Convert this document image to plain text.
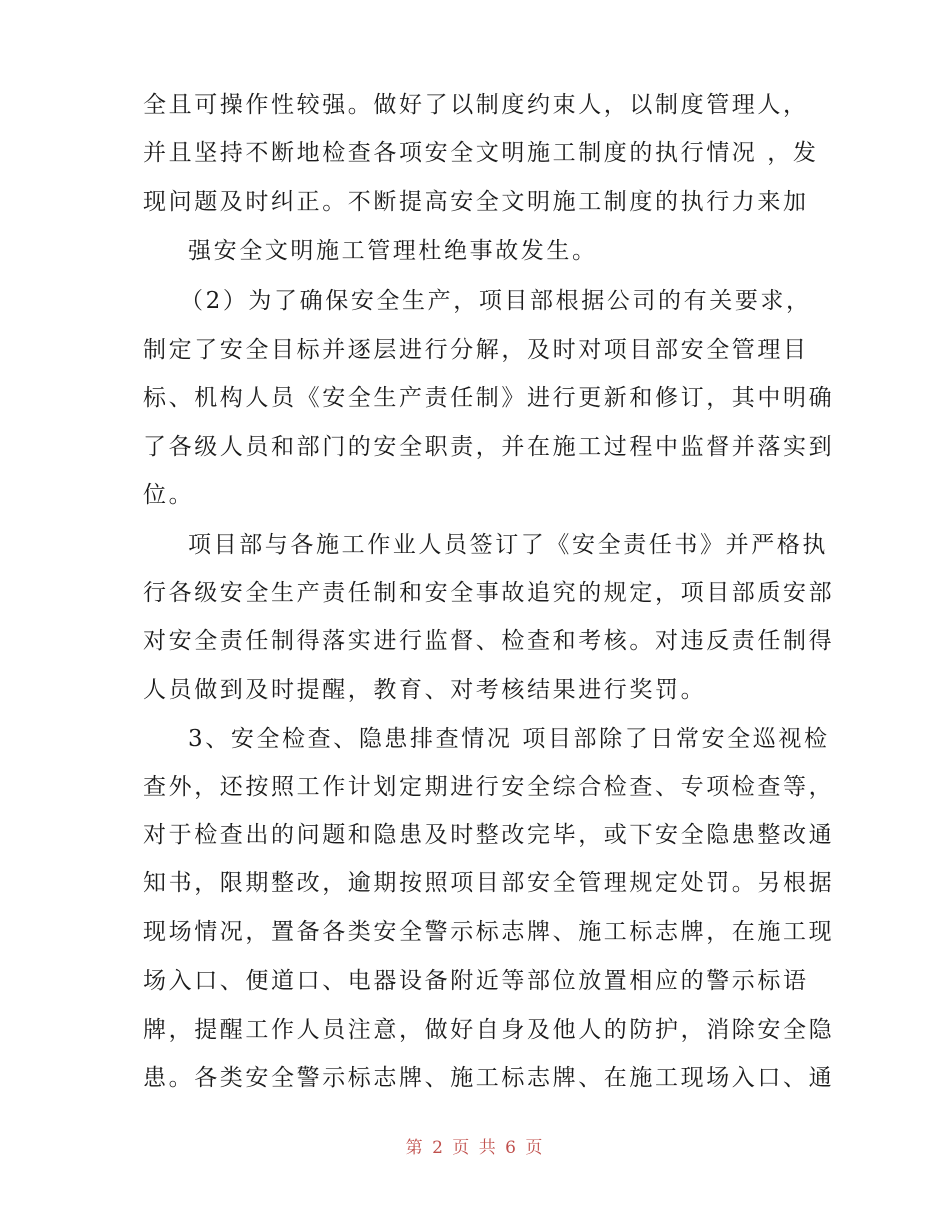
全且可操作性较强。做好了以制度约束人，以制度管理人，
并且坚持不断地检查各项安全文明施工制度的执行情况 ，发
现问题及时纠正。不断提高安全文明施工制度的执行力来加
强安全文明施工管理杜绝事故发生。
（2）为了确保安全生产，项目部根据公司的有关要求，
制定了安全目标并逐层进行分解，及时对项目部安全管理目
标、机构人员《安全生产责任制》进行更新和修订，其中明确
了各级人员和部门的安全职责，并在施工过程中监督并落实到
位。
项目部与各施工作业人员签订了《安全责任书》并严格执
行各级安全生产责任制和安全事故追究的规定，项目部质安部
对安全责任制得落实进行监督、检查和考核。对违反责任制得
人员做到及时提醒，教育、对考核结果进行奖罚。
3、安全检查、隐患排查情况 项目部除了日常安全巡视检
查外，还按照工作计划定期进行安全综合检查、专项检查等，
对于检查出的问题和隐患及时整改完毕，或下安全隐患整改通
知书，限期整改，逾期按照项目部安全管理规定处罚。另根据
现场情况，置备各类安全警示标志牌、施工标志牌，在施工现
场入口、便道口、电器设备附近等部位放置相应的警示标语
牌，提醒工作人员注意，做好自身及他人的防护，消除安全隐
患。各类安全警示标志牌、施工标志牌、在施工现场入口、通
第 2 页 共 6 页
